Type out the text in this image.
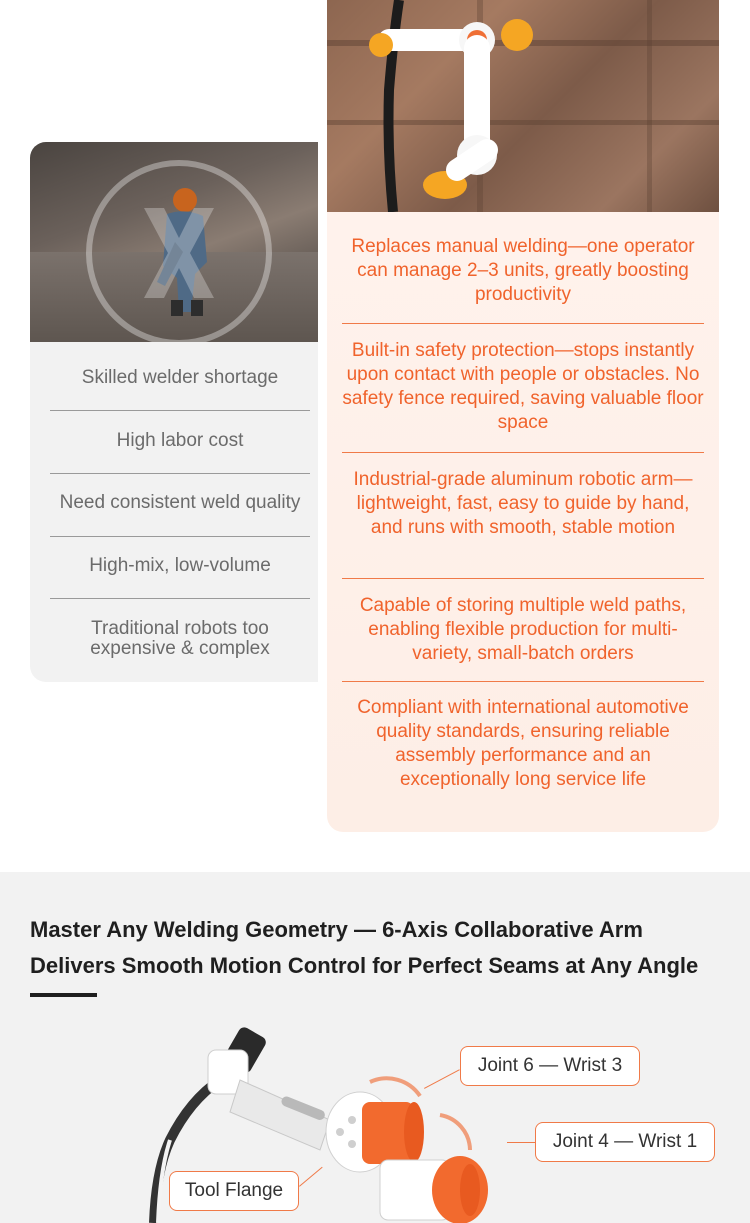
Skilled welder shortage
High labor cost
Need consistent weld quality
High-mix, low-volume
Traditional robots too expensive & complex
Replaces manual welding—one operator can manage 2–3 units, greatly boosting productivity
Built-in safety protection—stops instantly upon contact with people or obstacles. No safety fence required, saving valuable floor space
Industrial-grade aluminum robotic arm—lightweight, fast, easy to guide by hand, and runs with smooth, stable motion
Capable of storing multiple weld paths, enabling flexible production for multi-variety, small-batch orders
Compliant with international automotive quality standards, ensuring reliable assembly performance and an exceptionally long service life
Master Any Welding Geometry — 6-Axis Collaborative Arm
Delivers Smooth Motion Control for Perfect Seams at Any Angle
Joint 6 — Wrist 3
Joint 4 — Wrist 1
Tool Flange
